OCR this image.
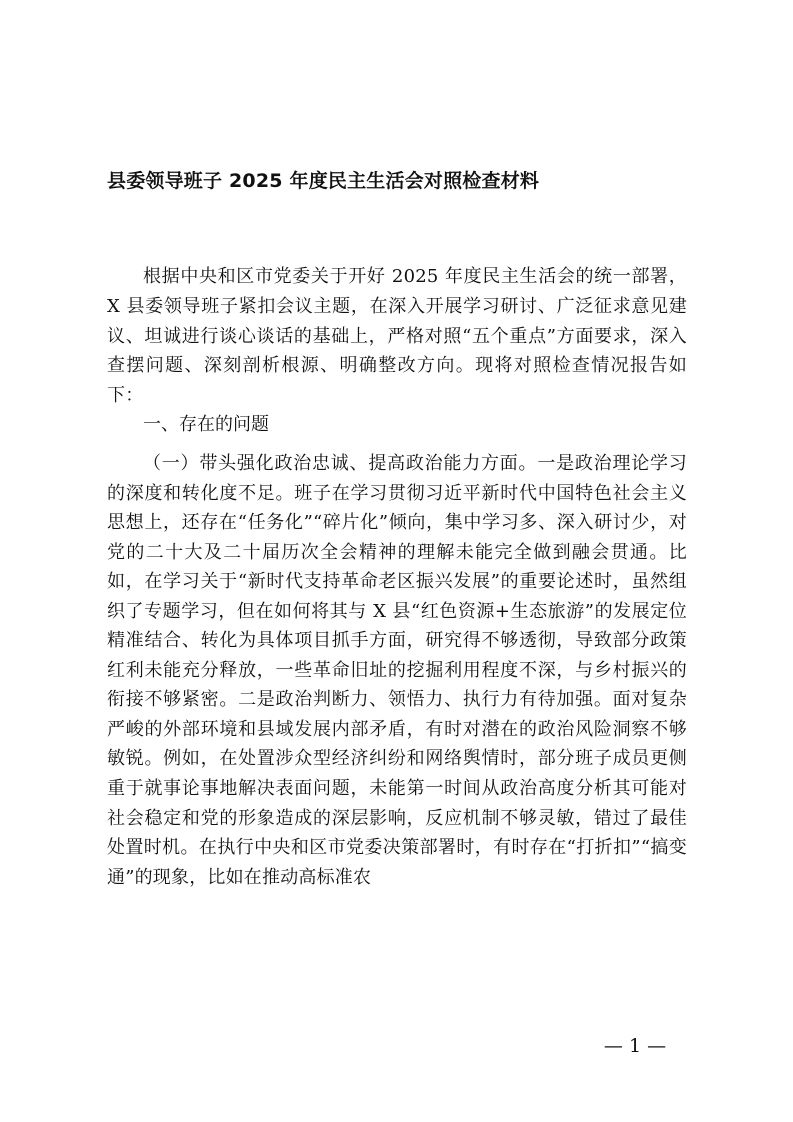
县委领导班子 2025 年度民主生活会对照检查材料

根据中央和区市党委关于开好 2025 年度民主生活会的统一部署，X 县委领导班子紧扣会议主题，在深入开展学习研讨、广泛征求意见建议、坦诚进行谈心谈话的基础上，严格对照“五个重点”方面要求，深入查摆问题、深刻剖析根源、明确整改方向。现将对照检查情况报告如下：

一、存在的问题

（一）带头强化政治忠诚、提高政治能力方面。一是政治理论学习的深度和转化度不足。班子在学习贯彻习近平新时代中国特色社会主义思想上，还存在“任务化”“碎片化”倾向，集中学习多、深入研讨少，对党的二十大及二十届历次全会精神的理解未能完全做到融会贯通。比如，在学习关于“新时代支持革命老区振兴发展”的重要论述时，虽然组织了专题学习，但在如何将其与 X 县“红色资源+生态旅游”的发展定位精准结合、转化为具体项目抓手方面，研究得不够透彻，导致部分政策红利未能充分释放，一些革命旧址的挖掘利用程度不深，与乡村振兴的衔接不够紧密。二是政治判断力、领悟力、执行力有待加强。面对复杂严峻的外部环境和县域发展内部矛盾，有时对潜在的政治风险洞察不够敏锐。例如，在处置涉众型经济纠纷和网络舆情时，部分班子成员更侧重于就事论事地解决表面问题，未能第一时间从政治高度分析其可能对社会稳定和党的形象造成的深层影响，反应机制不够灵敏，错过了最佳处置时机。在执行中央和区市党委决策部署时，有时存在“打折扣”“搞变通”的现象，比如在推动高标准农

— 1 —
